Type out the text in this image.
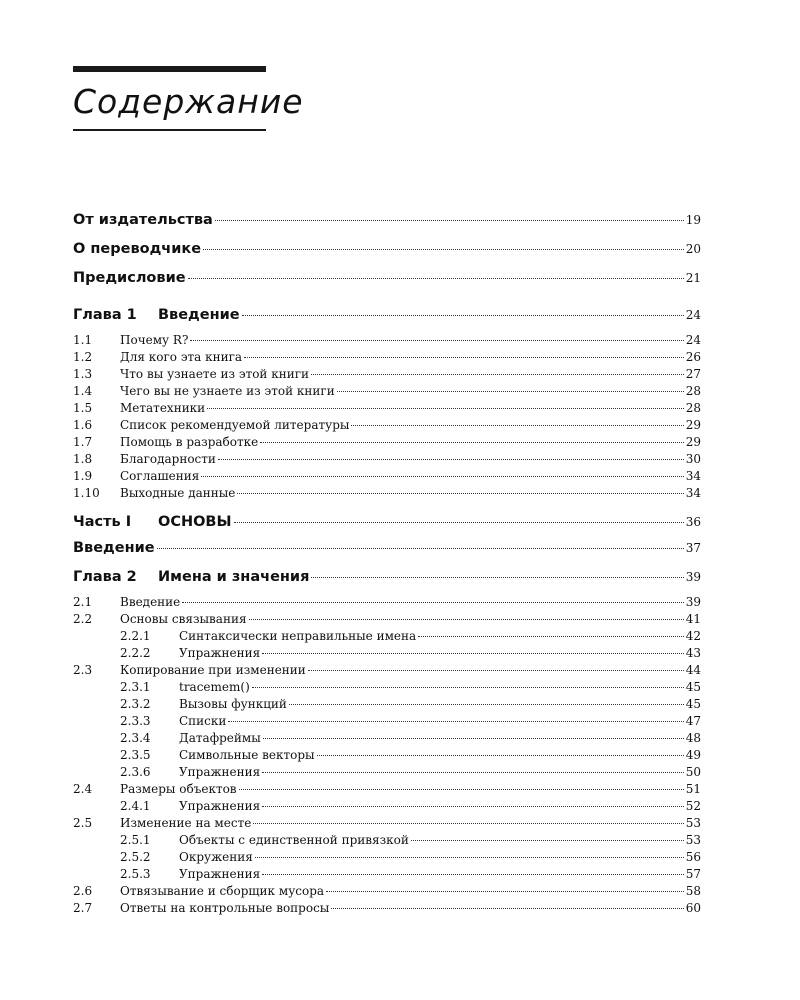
Содержание
От издательства	19
О переводчике	20
Предисловие	21
Глава 1	Введение	24
1.1	Почему R?	24
1.2	Для кого эта книга	26
1.3	Что вы узнаете из этой книги	27
1.4	Чего вы не узнаете из этой книги	28
1.5	Метатехники	28
1.6	Список рекомендуемой литературы	29
1.7	Помощь в разработке	29
1.8	Благодарности	30
1.9	Соглашения	34
1.10	Выходные данные	34
Часть I	ОСНОВЫ	36
Введение	37
Глава 2	Имена и значения	39
2.1	Введение	39
2.2	Основы связывания	41
2.2.1	Синтаксически неправильные имена	42
2.2.2	Упражнения	43
2.3	Копирование при изменении	44
2.3.1	tracemem()	45
2.3.2	Вызовы функций	45
2.3.3	Списки	47
2.3.4	Датафреймы	48
2.3.5	Символьные векторы	49
2.3.6	Упражнения	50
2.4	Размеры объектов	51
2.4.1	Упражнения	52
2.5	Изменение на месте	53
2.5.1	Объекты с единственной привязкой	53
2.5.2	Окружения	56
2.5.3	Упражнения	57
2.6	Отвязывание и сборщик мусора	58
2.7	Ответы на контрольные вопросы	60
